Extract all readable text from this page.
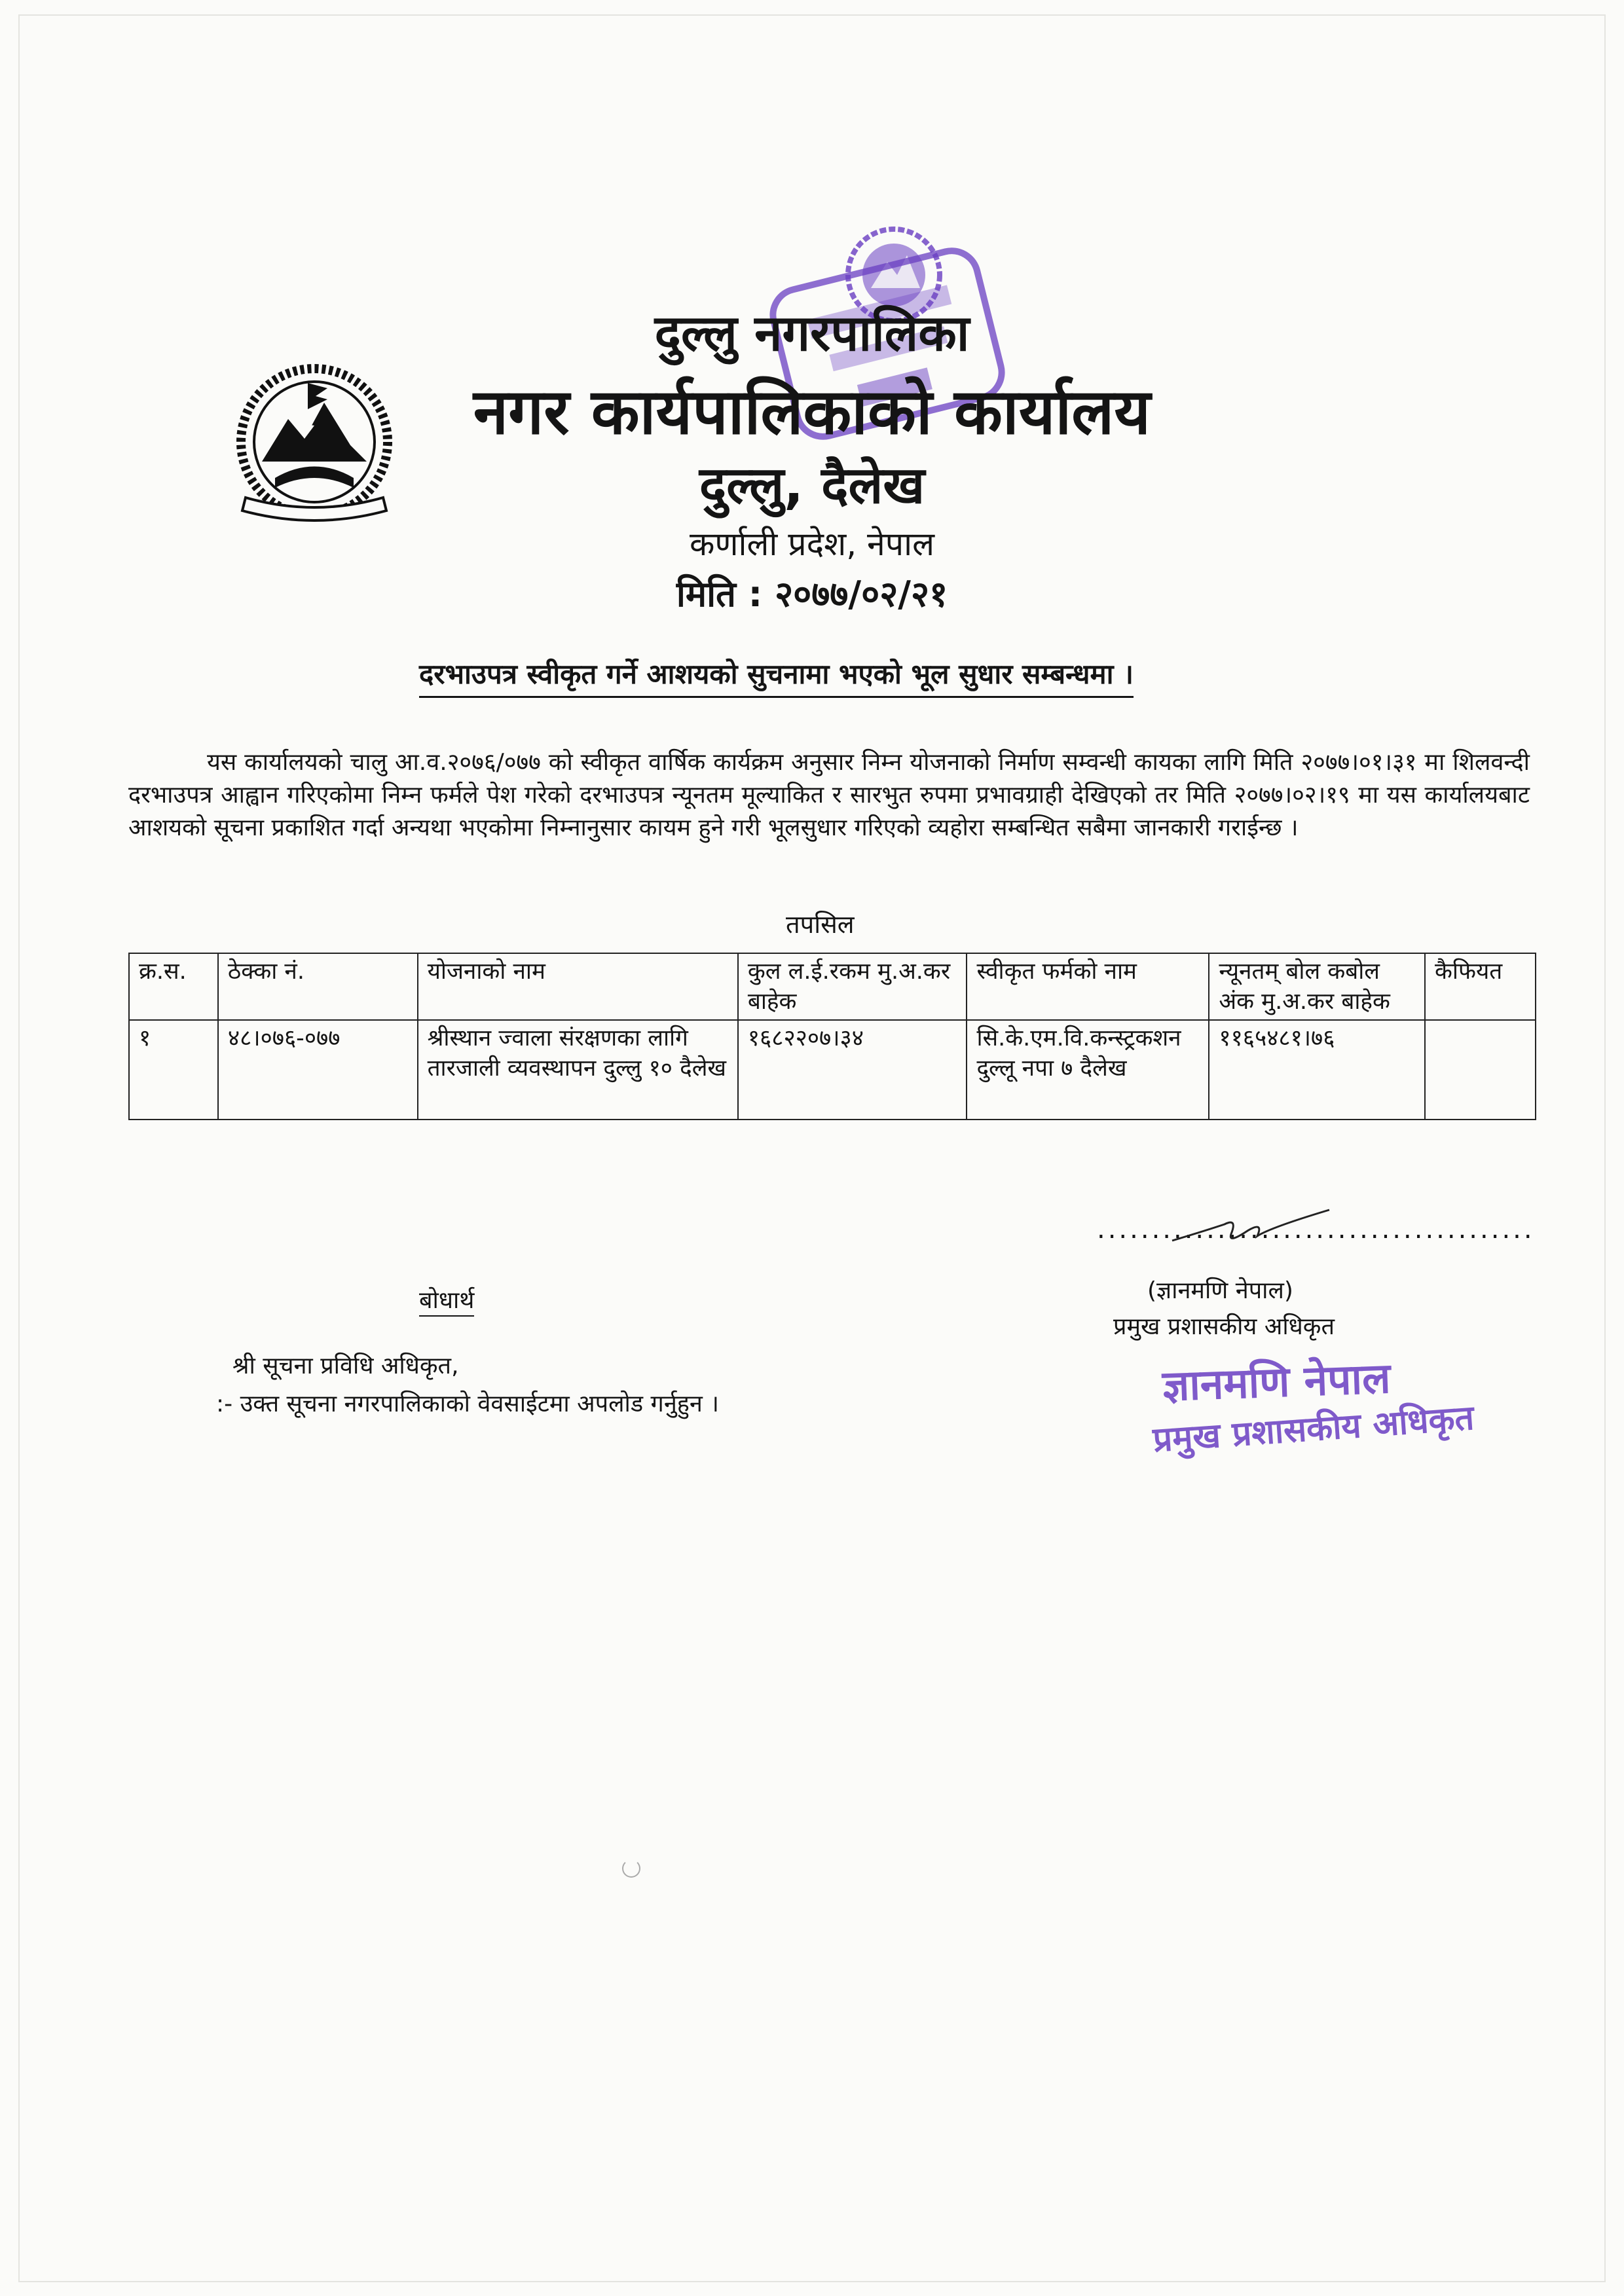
दुल्लु नगरपालिका
नगर कार्यपालिकाको कार्यालय
दुल्लु, दैलेख
कर्णाली प्रदेश, नेपाल
मिति : २०७७/०२/२१
दरभाउपत्र स्वीकृत गर्ने आशयको सुचनामा भएको भूल सुधार सम्बन्धमा ।
यस कार्यालयको चालु आ.व.२०७६/०७७ को स्वीकृत वार्षिक कार्यक्रम अनुसार निम्न योजनाको निर्माण सम्वन्धी कायका लागि मिति २०७७।०१।३१ मा शिलवन्दी दरभाउपत्र आह्वान गरिएकोमा निम्न फर्मले पेश गरेको दरभाउपत्र न्यूनतम मूल्याकित र सारभुत रुपमा प्रभावग्राही देखिएको तर मिति २०७७।०२।१९ मा यस कार्यालयबाट आशयको सूचना प्रकाशित गर्दा अन्यथा भएकोमा निम्नानुसार कायम हुने गरी भूलसुधार गरिएको व्यहोरा सम्बन्धित सबैमा जानकारी गराईन्छ ।
तपसिल
क्र.स.	ठेक्का नं.	योजनाको नाम	कुल ल.ई.रकम मु.अ.कर बाहेक	स्वीकृत फर्मको नाम	न्यूनतम् बोल कबोल अंक मु.अ.कर बाहेक	कैफियत
१	४८।०७६-०७७	श्रीस्थान ज्वाला संरक्षणका लागि तारजाली व्यवस्थापन दुल्लु १० दैलेख	१६८२२०७।३४	सि.के.एम.वि.कन्स्ट्रकशन दुल्लू नपा ७ दैलेख	११६५४८१।७६	
........................................
(ज्ञानमणि नेपाल)
प्रमुख प्रशासकीय अधिकृत
ज्ञानमणि नेपाल
प्रमुख प्रशासकीय अधिकृत
बोधार्थ
श्री सूचना प्रविधि अधिकृत,
:- उक्त सूचना नगरपालिकाको वेवसाईटमा अपलोड गर्नुहुन ।
